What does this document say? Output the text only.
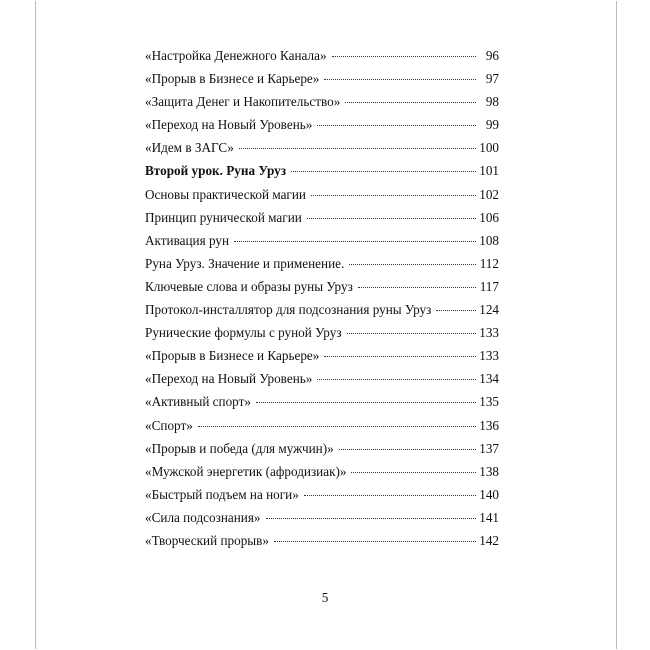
«Настройка Денежного Канала»	96
«Прорыв в Бизнесе и Карьере»	97
«Защита Денег и Накопительство»	98
«Переход на Новый Уровень»	99
«Идем в ЗАГС»	100
Второй урок. Руна Уруз	101
Основы практической магии	102
Принцип рунической магии	106
Активация рун	108
Руна Уруз. Значение и применение.	112
Ключевые слова и образы руны Уруз	117
Протокол-инсталлятор для подсознания руны Уруз	124
Рунические формулы с руной Уруз	133
«Прорыв в Бизнесе и Карьере»	133
«Переход на Новый Уровень»	134
«Активный спорт»	135
«Спорт»	136
«Прорыв и победа (для мужчин)»	137
«Мужской энергетик (афродизиак)»	138
«Быстрый подъем на ноги»	140
«Сила подсознания»	141
«Творческий прорыв»	142
5
